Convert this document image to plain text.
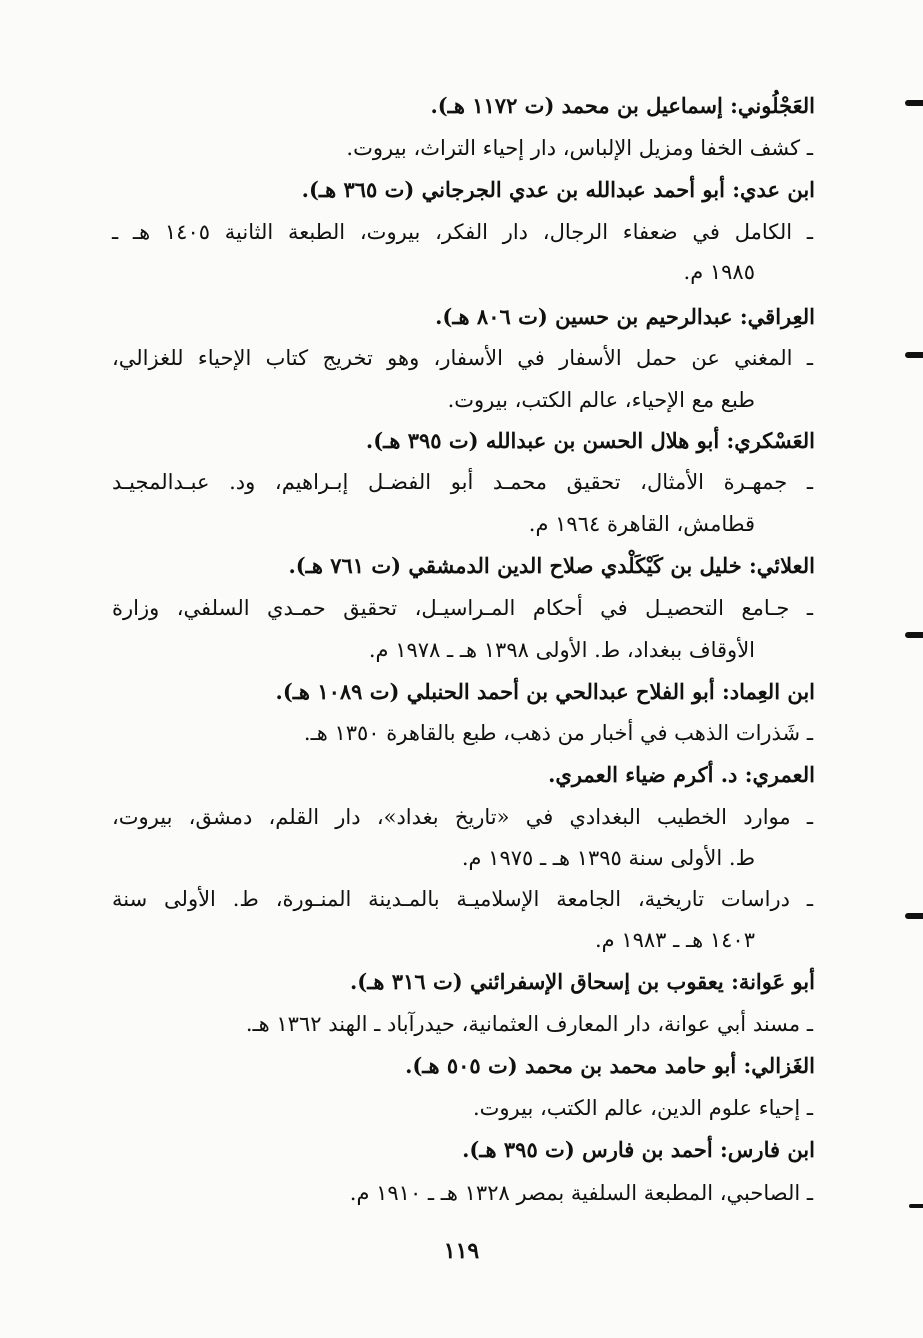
العَجْلُوني: إسماعيل بن محمد (ت ١١٧٢ هـ).
ـ كشف الخفا ومزيل الإلباس، دار إحياء التراث، بيروت.
ابن عدي: أبو أحمد عبدالله بن عدي الجرجاني (ت ٣٦٥ هـ).
ـ الكامل في ضعفاء الرجال، دار الفكر، بيروت، الطبعة الثانية ١٤٠٥ هـ ـ
١٩٨٥ م.
العِراقي: عبدالرحيم بن حسين (ت ٨٠٦ هـ).
ـ المغني عن حمل الأسفار في الأسفار، وهو تخريج كتاب الإحياء للغزالي،
طبع مع الإحياء، عالم الكتب، بيروت.
العَسْكري: أبو هلال الحسن بن عبدالله (ت ٣٩٥ هـ).
ـ جمهـرة الأمثال، تحقيق محمـد أبو الفضـل إبـراهيم، ود. عبـدالمجيـد
قطامش، القاهرة ١٩٦٤ م.
العلائي: خليل بن كَيْكَلْدي صلاح الدين الدمشقي (ت ٧٦١ هـ).
ـ جـامع التحصيـل في أحكام المـراسيـل، تحقيق حمـدي السلفي، وزارة
الأوقاف ببغداد، ط. الأولى ١٣٩٨ هـ ـ ١٩٧٨ م.
ابن العِماد: أبو الفلاح عبدالحي بن أحمد الحنبلي (ت ١٠٨٩ هـ).
ـ شَذرات الذهب في أخبار من ذهب، طبع بالقاهرة ١٣٥٠ هـ.
العمري: د. أكرم ضياء العمري.
ـ موارد الخطيب البغدادي في «تاريخ بغداد»، دار القلم، دمشق، بيروت،
ط. الأولى سنة ١٣٩٥ هـ ـ ١٩٧٥ م.
ـ دراسات تاريخية، الجامعة الإسلاميـة بالمـدينة المنـورة، ط. الأولى سنة
١٤٠٣ هـ ـ ١٩٨٣ م.
أبو عَوانة: يعقوب بن إسحاق الإسفرائني (ت ٣١٦ هـ).
ـ مسند أبي عوانة، دار المعارف العثمانية، حيدرآباد ـ الهند ١٣٦٢ هـ.
الغَزالي: أبو حامد محمد بن محمد (ت ٥٠٥ هـ).
ـ إحياء علوم الدين، عالم الكتب، بيروت.
ابن فارس: أحمد بن فارس (ت ٣٩٥ هـ).
ـ الصاحبي، المطبعة السلفية بمصر ١٣٢٨ هـ ـ ١٩١٠ م.
١١٩
